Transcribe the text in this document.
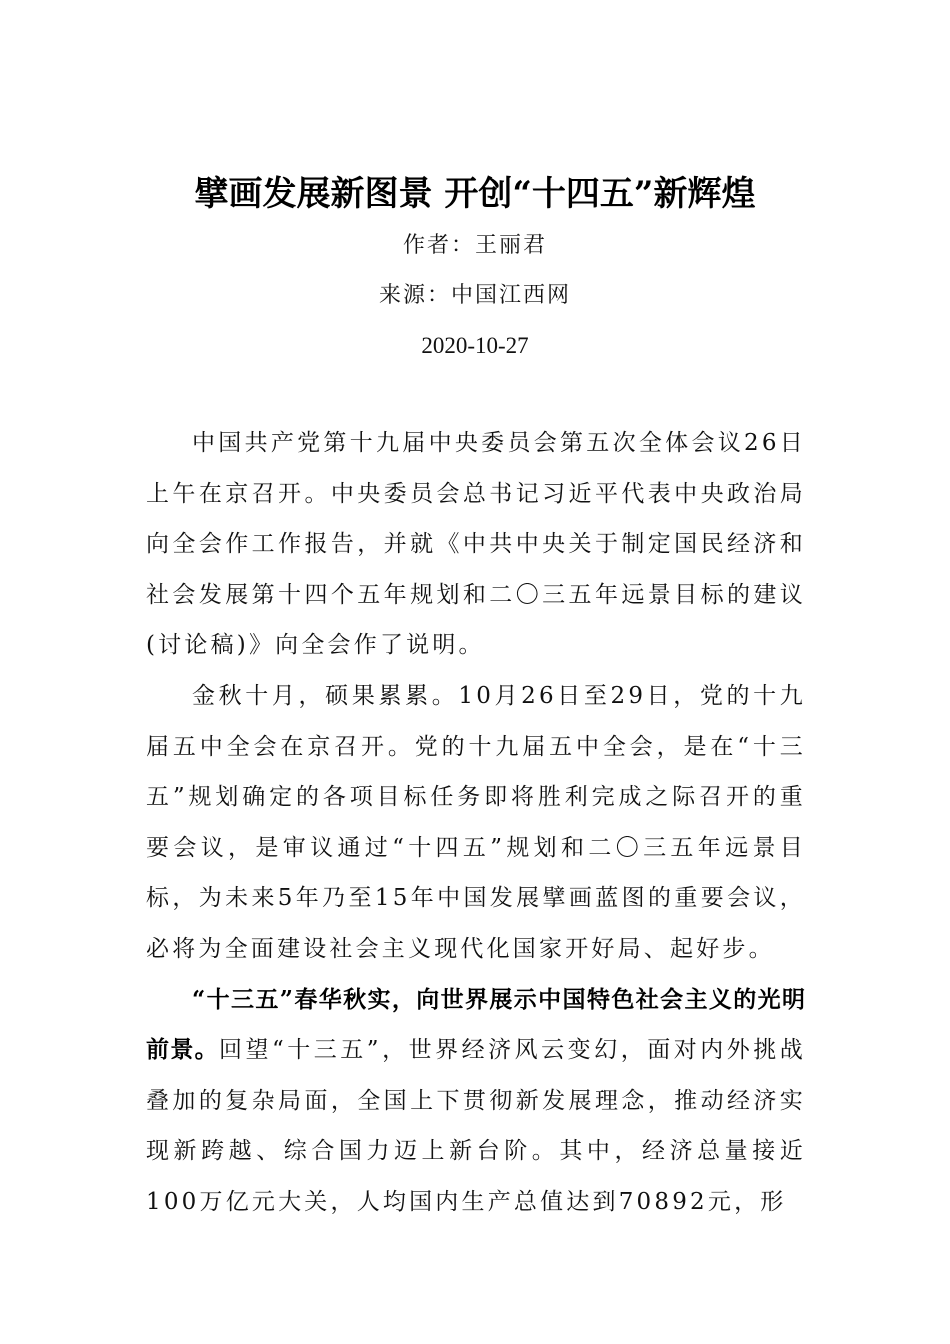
擘画发展新图景 开创“十四五”新辉煌
作者：王丽君
来源：中国江西网
2020-10-27

中国共产党第十九届中央委员会第五次全体会议26日上午在京召开。中央委员会总书记习近平代表中央政治局向全会作工作报告，并就《中共中央关于制定国民经济和社会发展第十四个五年规划和二〇三五年远景目标的建议(讨论稿)》向全会作了说明。

金秋十月，硕果累累。10月26日至29日，党的十九届五中全会在京召开。党的十九届五中全会，是在“十三五”规划确定的各项目标任务即将胜利完成之际召开的重要会议，是审议通过“十四五”规划和二〇三五年远景目标，为未来5年乃至15年中国发展擘画蓝图的重要会议，必将为全面建设社会主义现代化国家开好局、起好步。

“十三五”春华秋实，向世界展示中国特色社会主义的光明前景。回望“十三五”，世界经济风云变幻，面对内外挑战叠加的复杂局面，全国上下贯彻新发展理念，推动经济实现新跨越、综合国力迈上新台阶。其中，经济总量接近100万亿元大关，人均国内生产总值达到70892元，形
